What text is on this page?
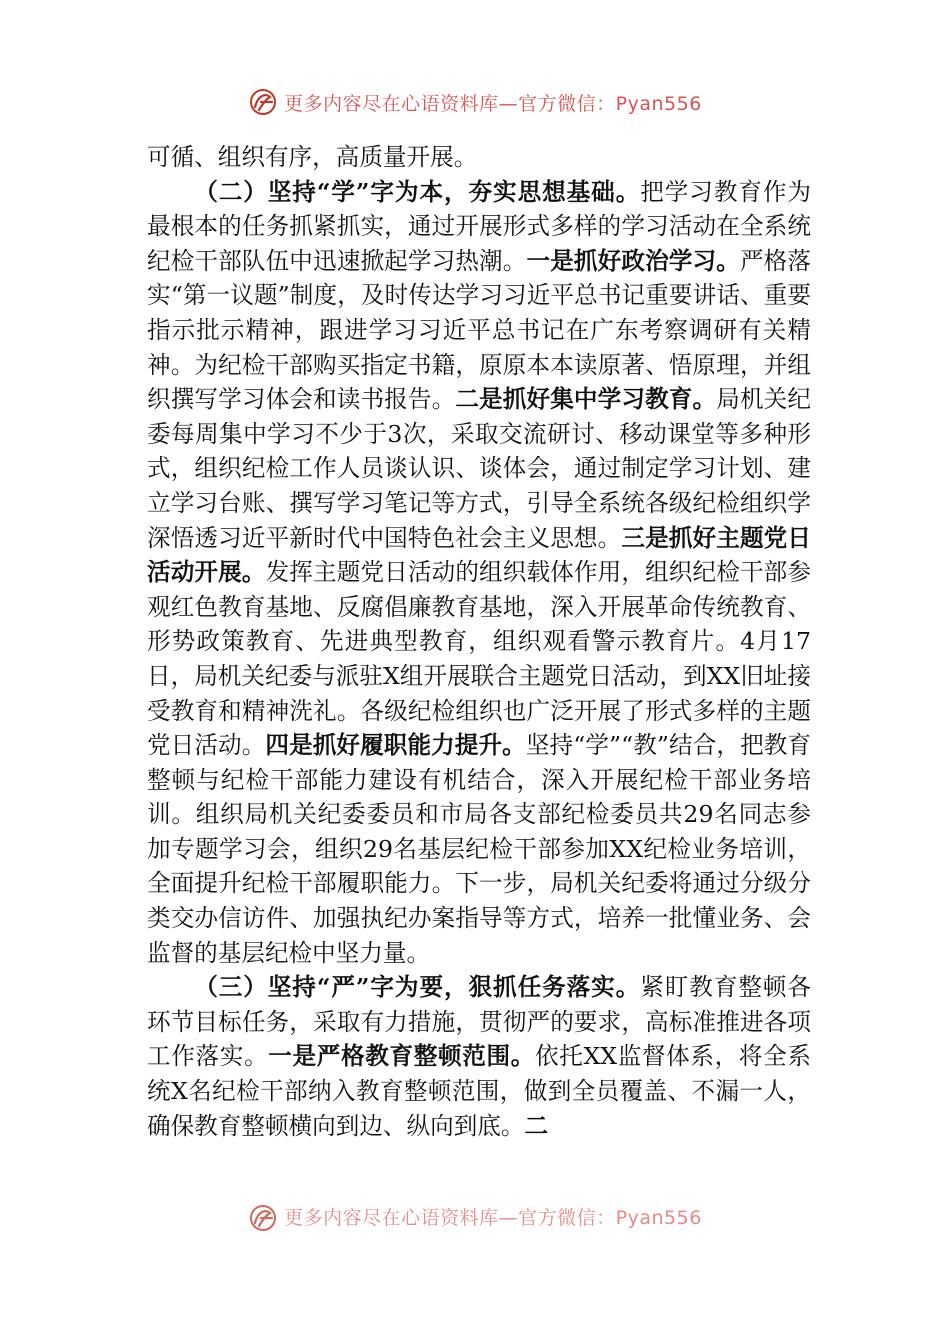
更多内容尽在心语资料库—官方微信：Pyan556

可循、组织有序，高质量开展。

（二）坚持“学”字为本，夯实思想基础。把学习教育作为最根本的任务抓紧抓实，通过开展形式多样的学习活动在全系统纪检干部队伍中迅速掀起学习热潮。一是抓好政治学习。严格落实“第一议题”制度，及时传达学习习近平总书记重要讲话、重要指示批示精神，跟进学习习近平总书记在广东考察调研有关精神。为纪检干部购买指定书籍，原原本本读原著、悟原理，并组织撰写学习体会和读书报告。二是抓好集中学习教育。局机关纪委每周集中学习不少于3次，采取交流研讨、移动课堂等多种形式，组织纪检工作人员谈认识、谈体会，通过制定学习计划、建立学习台账、撰写学习笔记等方式，引导全系统各级纪检组织学深悟透习近平新时代中国特色社会主义思想。三是抓好主题党日活动开展。发挥主题党日活动的组织载体作用，组织纪检干部参观红色教育基地、反腐倡廉教育基地，深入开展革命传统教育、形势政策教育、先进典型教育，组织观看警示教育片。4月17日，局机关纪委与派驻X组开展联合主题党日活动，到XX旧址接受教育和精神洗礼。各级纪检组织也广泛开展了形式多样的主题党日活动。四是抓好履职能力提升。坚持“学”“教”结合，把教育整顿与纪检干部能力建设有机结合，深入开展纪检干部业务培训。组织局机关纪委委员和市局各支部纪检委员共29名同志参加专题学习会，组织29名基层纪检干部参加XX纪检业务培训，全面提升纪检干部履职能力。下一步，局机关纪委将通过分级分类交办信访件、加强执纪办案指导等方式，培养一批懂业务、会监督的基层纪检中坚力量。

（三）坚持“严”字为要，狠抓任务落实。紧盯教育整顿各环节目标任务，采取有力措施，贯彻严的要求，高标准推进各项工作落实。一是严格教育整顿范围。依托XX监督体系，将全系统X名纪检干部纳入教育整顿范围，做到全员覆盖、不漏一人，确保教育整顿横向到边、纵向到底。二

更多内容尽在心语资料库—官方微信：Pyan556
